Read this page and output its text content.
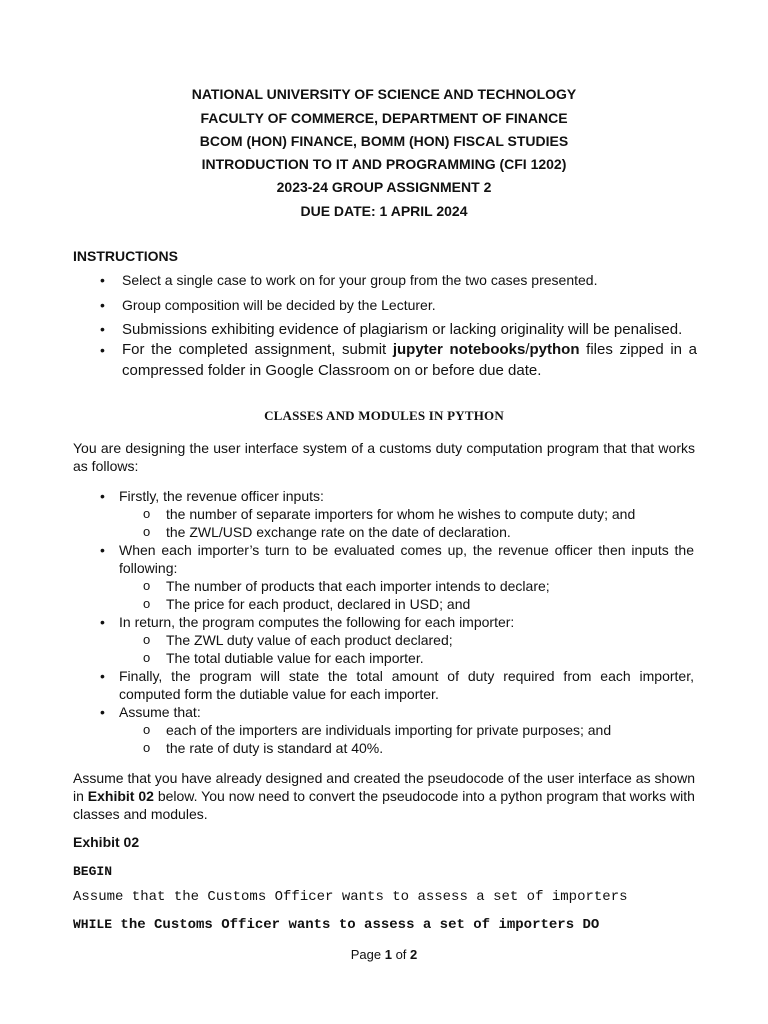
NATIONAL UNIVERSITY OF SCIENCE AND TECHNOLOGY
FACULTY OF COMMERCE, DEPARTMENT OF FINANCE
BCOM (HON) FINANCE, BOMM (HON) FISCAL STUDIES
INTRODUCTION TO IT AND PROGRAMMING (CFI 1202)
2023-24 GROUP ASSIGNMENT 2
DUE DATE: 1 APRIL 2024
INSTRUCTIONS
• Select a single case to work on for your group from the two cases presented.
• Group composition will be decided by the Lecturer.
• Submissions exhibiting evidence of plagiarism or lacking originality will be penalised.
• For the completed assignment, submit jupyter notebooks/python files zipped in a compressed folder in Google Classroom on or before due date.
CLASSES AND MODULES IN PYTHON
You are designing the user interface system of a customs duty computation program that that works as follows:
• Firstly, the revenue officer inputs:
o the number of separate importers for whom he wishes to compute duty; and
o the ZWL/USD exchange rate on the date of declaration.
• When each importer’s turn to be evaluated comes up, the revenue officer then inputs the following:
o The number of products that each importer intends to declare;
o The price for each product, declared in USD; and
• In return, the program computes the following for each importer:
o The ZWL duty value of each product declared;
o The total dutiable value for each importer.
• Finally, the program will state the total amount of duty required from each importer, computed form the dutiable value for each importer.
• Assume that:
o each of the importers are individuals importing for private purposes; and
o the rate of duty is standard at 40%.
Assume that you have already designed and created the pseudocode of the user interface as shown in Exhibit 02 below. You now need to convert the pseudocode into a python program that works with classes and modules.
Exhibit 02
BEGIN
Assume that the Customs Officer wants to assess a set of importers
WHILE the Customs Officer wants to assess a set of importers DO
Page 1 of 2
